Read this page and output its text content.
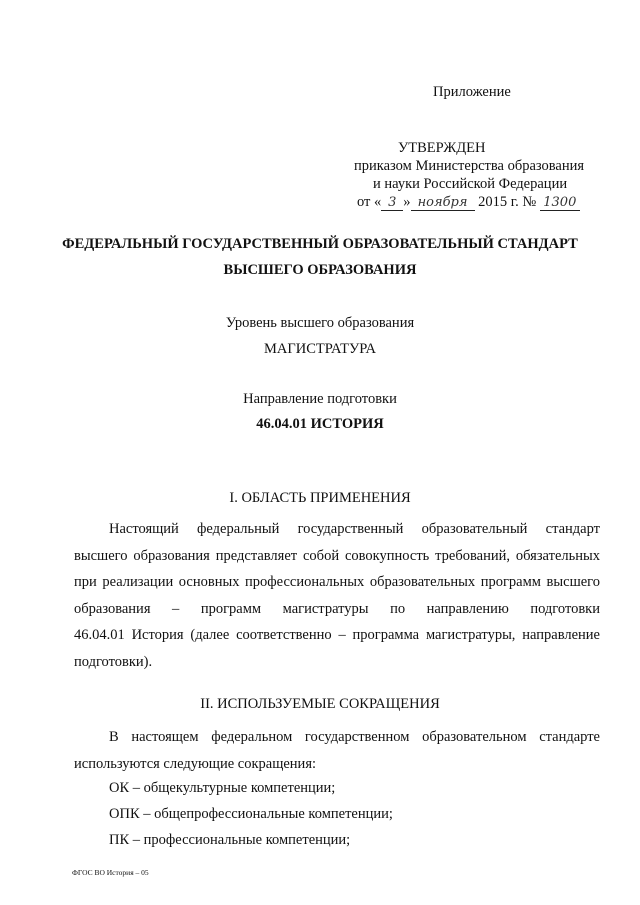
Приложение
УТВЕРЖДЕН
приказом Министерства образования
и науки Российской Федерации
от « 3 » ноября 2015 г. № 1300
ФЕДЕРАЛЬНЫЙ ГОСУДАРСТВЕННЫЙ ОБРАЗОВАТЕЛЬНЫЙ СТАНДАРТ
ВЫСШЕГО ОБРАЗОВАНИЯ
Уровень высшего образования
МАГИСТРАТУРА
Направление подготовки
46.04.01 ИСТОРИЯ
I. ОБЛАСТЬ ПРИМЕНЕНИЯ
Настоящий федеральный государственный образовательный стандарт
высшего образования представляет собой совокупность требований, обязательных
при реализации основных профессиональных образовательных программ высшего
образования – программ магистратуры по направлению подготовки
46.04.01 История (далее соответственно – программа магистратуры, направление
подготовки).
II. ИСПОЛЬЗУЕМЫЕ СОКРАЩЕНИЯ
В настоящем федеральном государственном образовательном стандарте
используются следующие сокращения:
ОК – общекультурные компетенции;
ОПК – общепрофессиональные компетенции;
ПК – профессиональные компетенции;
ФГОС ВО История – 05
